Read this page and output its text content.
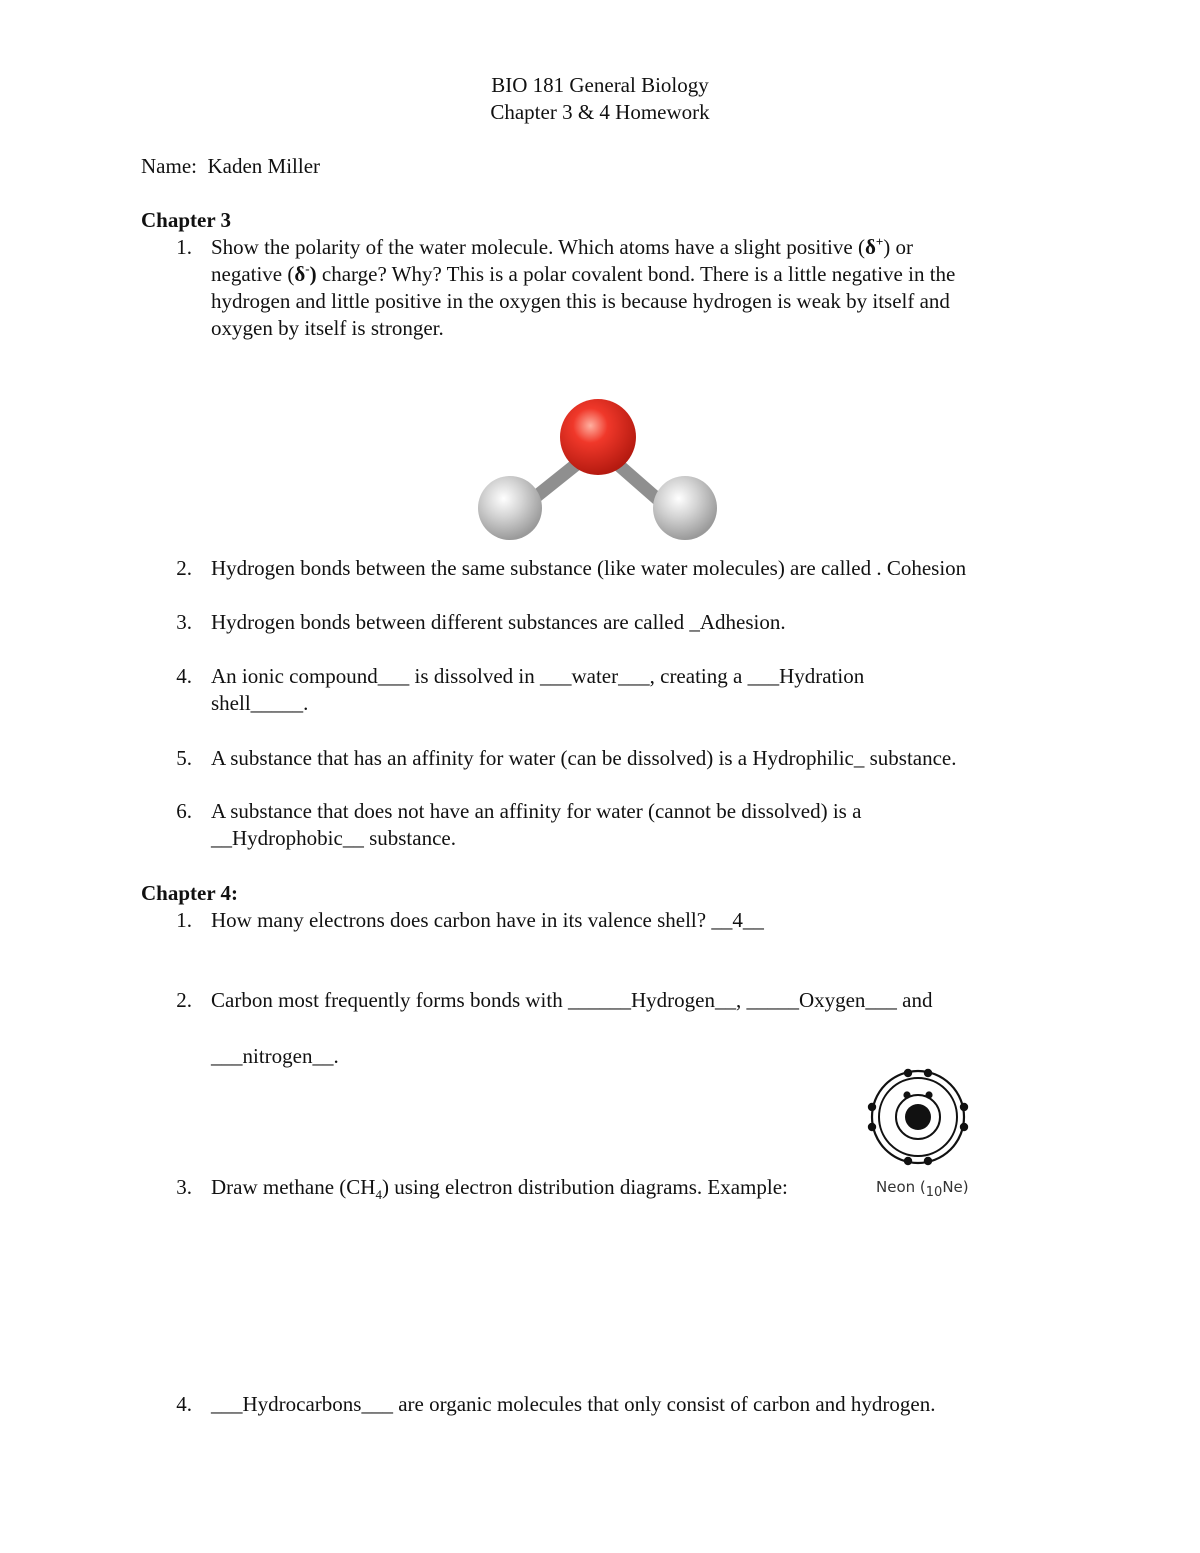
BIO 181 General Biology
Chapter 3 & 4 Homework
Name: Kaden Miller
Chapter 3
1. Show the polarity of the water molecule. Which atoms have a slight positive (δ+) or
negative (δ-) charge? Why? This is a polar covalent bond. There is a little negative in the
hydrogen and little positive in the oxygen this is because hydrogen is weak by itself and
oxygen by itself is stronger.
2. Hydrogen bonds between the same substance (like water molecules) are called . Cohesion
3. Hydrogen bonds between different substances are called _Adhesion.
4. An ionic compound___ is dissolved in ___water___, creating a ___Hydration
shell_____.
5. A substance that has an affinity for water (can be dissolved) is a Hydrophilic_ substance.
6. A substance that does not have an affinity for water (cannot be dissolved) is a
__Hydrophobic__ substance.
Chapter 4:
1. How many electrons does carbon have in its valence shell? __4__
2. Carbon most frequently forms bonds with ______Hydrogen__, _____Oxygen___ and
___nitrogen__.
Neon $(_{10}Ne)$
3. Draw methane $(CH_4)$ using electron distribution diagrams. Example:
4. ___Hydrocarbons___ are organic molecules that only consist of carbon and hydrogen.
